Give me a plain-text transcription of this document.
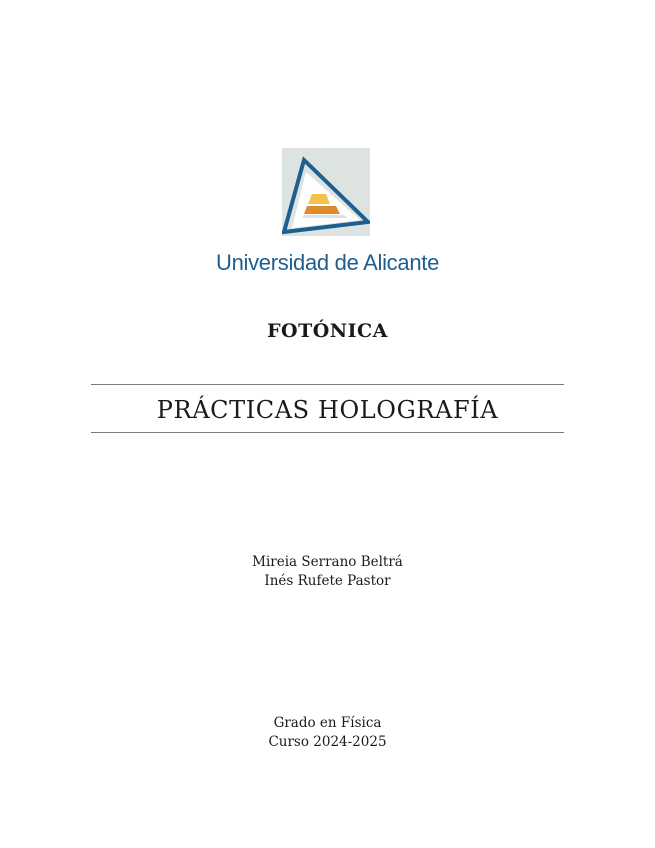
Universidad de Alicante
FOTÓNICA
PRÁCTICAS HOLOGRAFÍA
Mireia Serrano Beltrá
Inés Rufete Pastor
Grado en Física
Curso 2024-2025
